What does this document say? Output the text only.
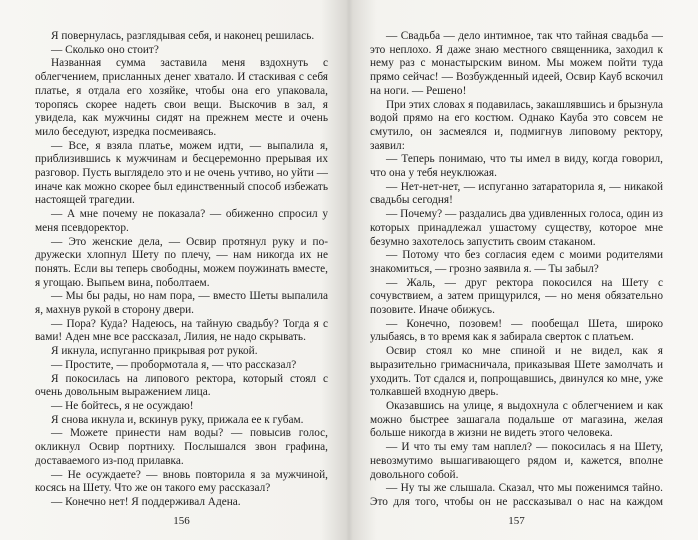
Я повернулась, разглядывая себя, и наконец решилась.

— Сколько оно стоит?

Названная сумма заставила меня вздохнуть с облегчением, присланных денег хватало. И стаскивая с себя платье, я отдала его хозяйке, чтобы она его упаковала, торопясь скорее надеть свои вещи. Выскочив в зал, я увидела, как мужчины сидят на прежнем месте и очень мило беседуют, изредка посмеиваясь.

— Все, я взяла платье, можем идти, — выпалила я, приблизившись к мужчинам и бесцеремонно прерывая их разговор. Пусть выглядело это и не очень учтиво, но уйти — иначе как можно скорее был единственный способ избежать настоящей трагедии.

— А мне почему не показала? — обиженно спросил у меня псевдоректор.

— Это женские дела, — Освир протянул руку и по-дружески хлопнул Шету по плечу, — нам никогда их не понять. Если вы теперь свободны, можем поужинать вместе, я угощаю. Выпьем вина, поболтаем.

— Мы бы рады, но нам пора, — вместо Шеты выпалила я, махнув рукой в сторону двери.

— Пора? Куда? Надеюсь, на тайную свадьбу? Тогда я с вами! Аден мне все рассказал, Лилия, не надо скрывать.

Я икнула, испуганно прикрывая рот рукой.

— Простите, — пробормотала я, — что рассказал?

Я покосилась на липового ректора, который стоял с очень довольным выражением лица.

— Не бойтесь, я не осуждаю!

Я снова икнула и, вскинув руку, прижала ее к губам.

— Можете принести нам воды? — повысив голос, окликнул Освир портниху. Послышался звон графина, доставаемого из-под прилавка.

— Не осуждаете? — вновь повторила я за мужчиной, косясь на Шету. Что же он такого ему рассказал?

— Конечно нет! Я поддерживал Адена.

156

— Свадьба — дело интимное, так что тайная свадьба — это неплохо. Я даже знаю местного священника, заходил к нему раз с монастырским вином. Мы можем пойти туда прямо сейчас! — Возбужденный идеей, Освир Кауб вскочил на ноги. — Решено!

При этих словах я подавилась, закашлявшись и брызнула водой прямо на его костюм. Однако Кауба это совсем не смутило, он засмеялся и, подмигнув липовому ректору, заявил:

— Теперь понимаю, что ты имел в виду, когда говорил, что она у тебя неуклюжая.

— Нет-нет-нет, — испуганно затараторила я, — никакой свадьбы сегодня!

— Почему? — раздались два удивленных голоса, один из которых принадлежал ушастому существу, которое мне безумно захотелось запустить своим стаканом.

— Потому что без согласия едем с моими родителями знакомиться, — грозно заявила я. — Ты забыл?

— Жаль, — друг ректора покосился на Шету с сочувствием, а затем прищурился, — но меня обязательно позовите. Иначе обижусь.

— Конечно, позовем! — пообещал Шета, широко улыбаясь, в то время как я забирала сверток с платьем.

Освир стоял ко мне спиной и не видел, как я выразительно гримасничала, приказывая Шете замолчать и уходить. Тот сдался и, попрощавшись, двинулся ко мне, уже толкавшей входную дверь.

Оказавшись на улице, я выдохнула с облегчением и как можно быстрее зашагала подальше от магазина, желая больше никогда в жизни не видеть этого человека.

— И что ты ему там наплел? — покосилась я на Шету, невозмутимо вышагивающего рядом и, кажется, вполне довольного собой.

— Ну ты же слышала. Сказал, что мы поженимся тайно. Это для того, чтобы он не рассказывал о нас на каждом

157
